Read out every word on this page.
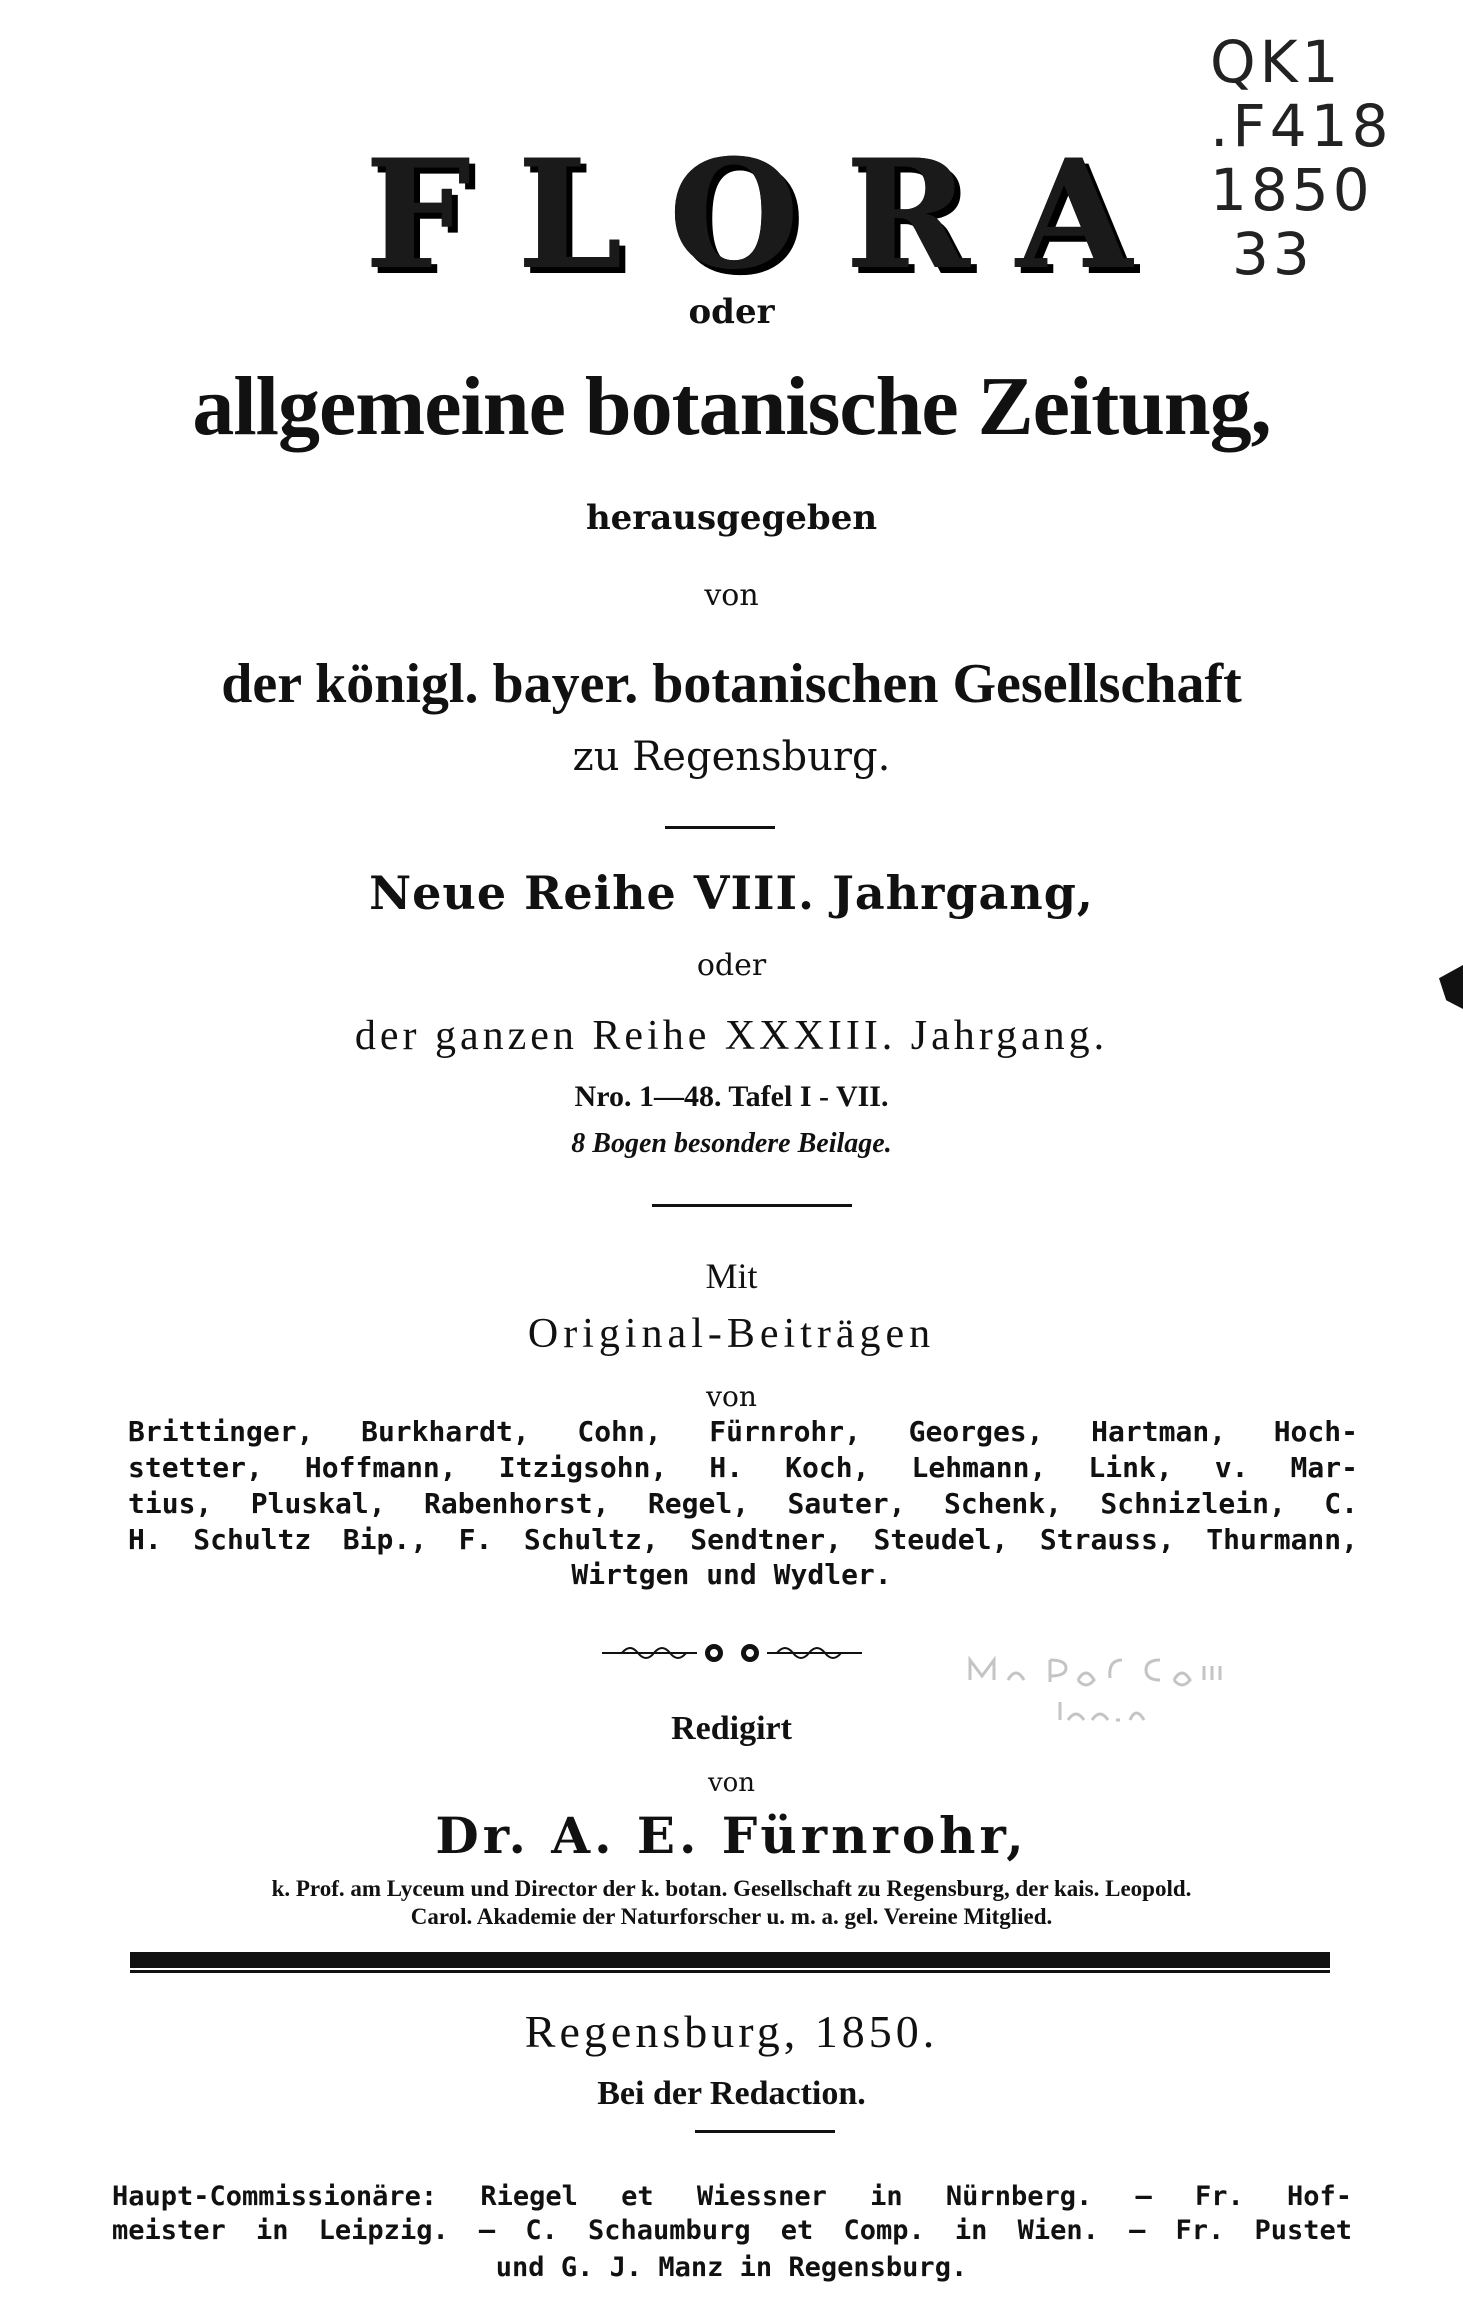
QK1
.F418
1850
33
FLORA
oder
allgemeine botanische Zeitung,
herausgegeben
von
der königl. bayer. botanischen Gesellschaft
zu Regensburg.
Neue Reihe VIII. Jahrgang,
oder
der ganzen Reihe XXXIII. Jahrgang.
Nro. 1—48. Tafel I - VII.
8 Bogen besondere Beilage.
Mit
Original-Beiträgen
von
Brittinger, Burkhardt, Cohn, Fürnrohr, Georges, Hartman, Hoch-
stetter, Hoffmann, Itzigsohn, H. Koch, Lehmann, Link, v. Mar-
tius, Pluskal, Rabenhorst, Regel, Sauter, Schenk, Schnizlein, C.
H. Schultz Bip., F. Schultz, Sendtner, Steudel, Strauss, Thurmann,
Wirtgen und Wydler.
Redigirt
von
Dr. A. E. Fürnrohr,
k. Prof. am Lyceum und Director der k. botan. Gesellschaft zu Regensburg, der kais. Leopold.
Carol. Akademie der Naturforscher u. m. a. gel. Vereine Mitglied.
Regensburg, 1850.
Bei der Redaction.
Haupt-Commissionäre: Riegel et Wiessner in Nürnberg. — Fr. Hof-
meister in Leipzig. — C. Schaumburg et Comp. in Wien. — Fr. Pustet
und G. J. Manz in Regensburg.
